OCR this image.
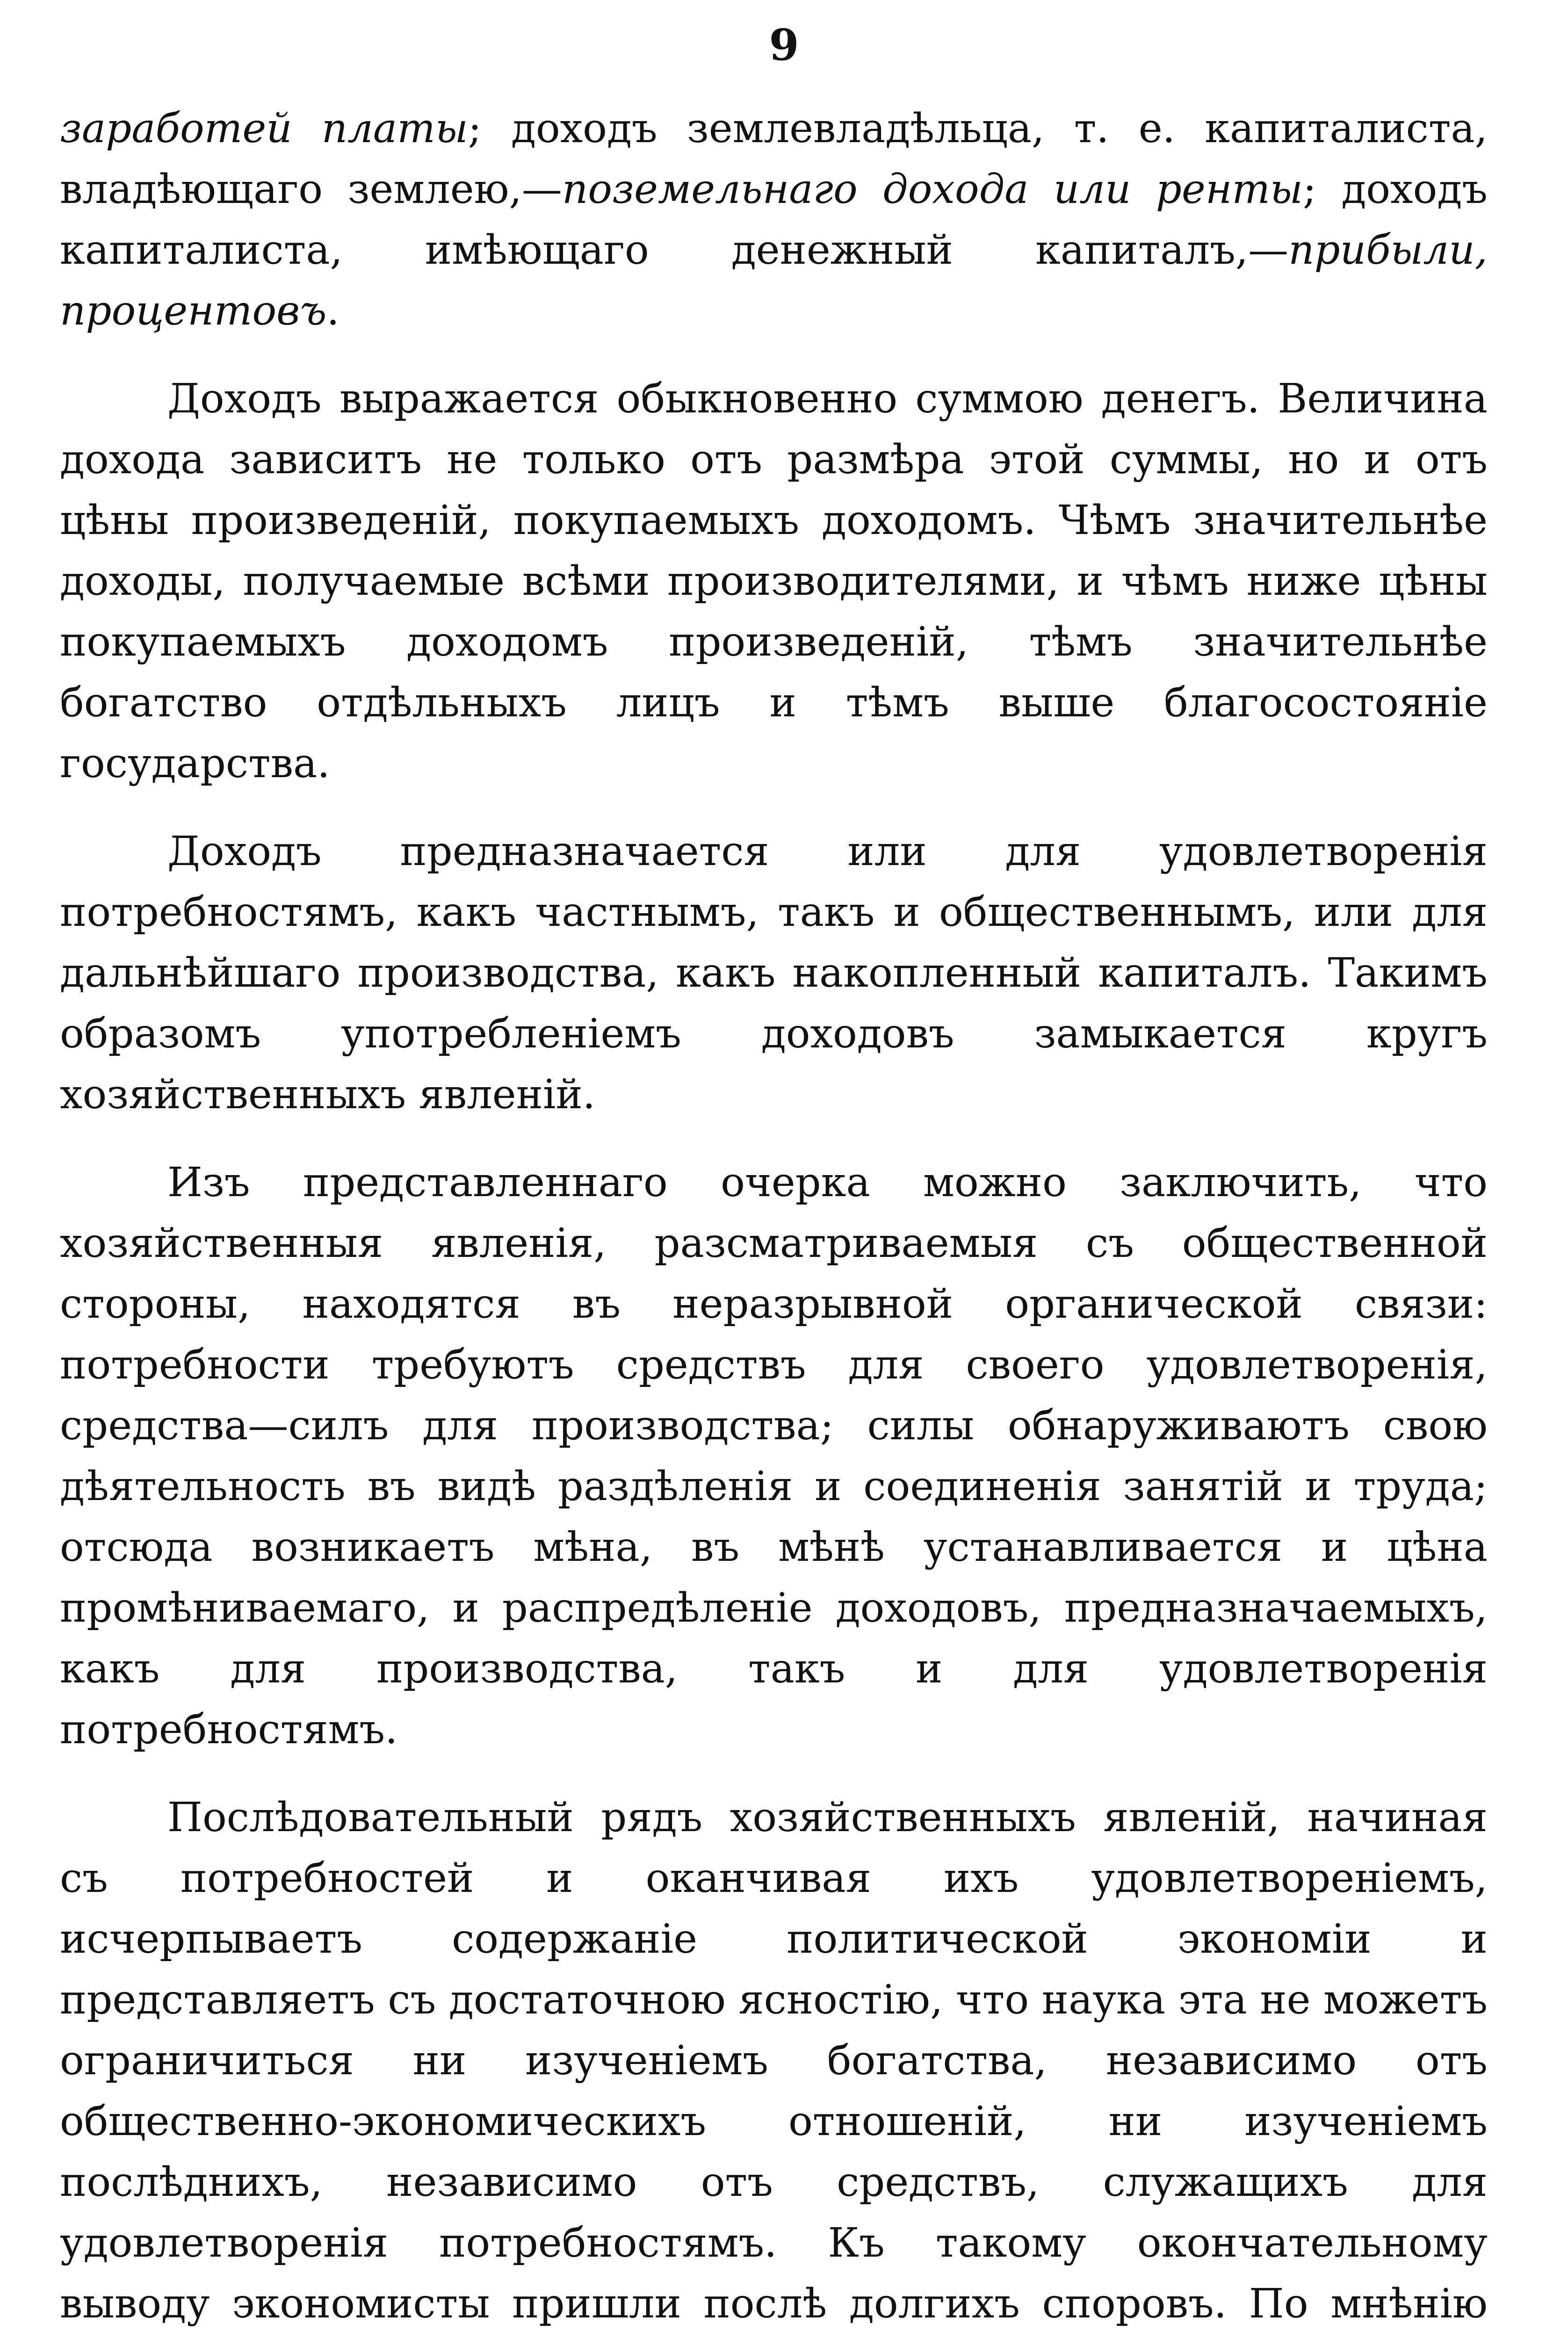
9

заработей платы; доходъ землевладѣльца, т. е. капиталиста, владѣющаго землею,—поземельнаго дохода или ренты; доходъ капиталиста, имѣющаго денежный капиталъ,—прибыли, процентовъ.

Доходъ выражается обыкновенно суммою денегъ. Величина дохода зависитъ не только отъ размѣра этой суммы, но и отъ цѣны произведеній, покупаемыхъ доходомъ. Чѣмъ значительнѣе доходы, получаемые всѣми производителями, и чѣмъ ниже цѣны покупаемыхъ доходомъ произведеній, тѣмъ значительнѣе богатство отдѣльныхъ лицъ и тѣмъ выше благосостояніе государства.

Доходъ предназначается или для удовлетворенія потребностямъ, какъ частнымъ, такъ и общественнымъ, или для дальнѣйшаго производства, какъ накопленный капиталъ. Такимъ образомъ употребленіемъ доходовъ замыкается кругъ хозяйственныхъ явленій.

Изъ представленнаго очерка можно заключить, что хозяйственныя явленія, разсматриваемыя съ общественной стороны, находятся въ неразрывной органической связи: потребности требуютъ средствъ для своего удовлетворенія, средства—силъ для производства; силы обнаруживаютъ свою дѣятельность въ видѣ раздѣленія и соединенія занятій и труда; отсюда возникаетъ мѣна, въ мѣнѣ устанавливается и цѣна промѣниваемаго, и распредѣленіе доходовъ, предназначаемыхъ, какъ для производства, такъ и для удовлетворенія потребностямъ.

Послѣдовательный рядъ хозяйственныхъ явленій, начиная съ потребностей и оканчивая ихъ удовлетвореніемъ, исчерпываетъ содержаніе политической экономіи и представляетъ съ достаточною ясностію, что наука эта не можетъ ограничиться ни изученіемъ богатства, независимо отъ общественно-экономическихъ отношеній, ни изученіемъ послѣднихъ, независимо отъ средствъ, служащихъ для удовлетворенія потребностямъ. Къ такому окончательному выводу экономисты пришли послѣ долгихъ споровъ. По мнѣнію
